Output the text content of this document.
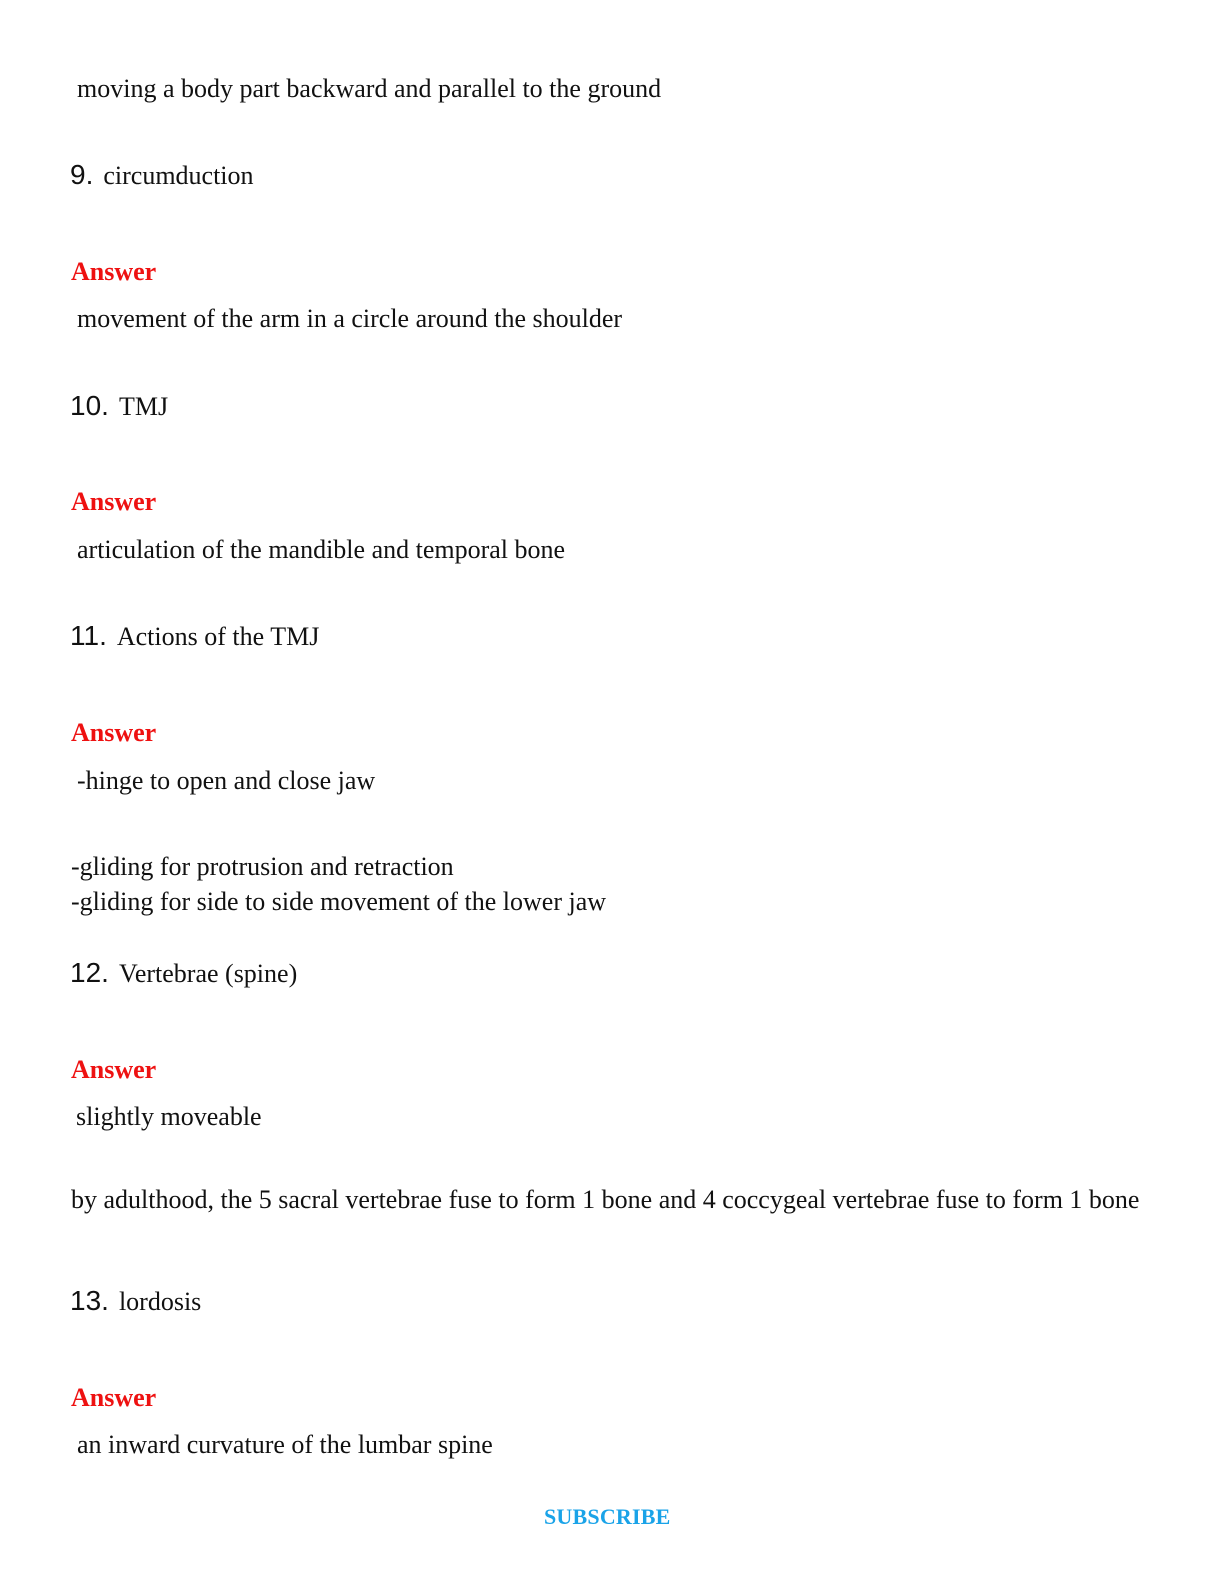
moving a body part backward and parallel to the ground
9. circumduction
Answer
movement of the arm in a circle around the shoulder
10. TMJ
Answer
articulation of the mandible and temporal bone
11. Actions of the TMJ
Answer
-hinge to open and close jaw
-gliding for protrusion and retraction
-gliding for side to side movement of the lower jaw
12. Vertebrae (spine)
Answer
slightly moveable
by adulthood, the 5 sacral vertebrae fuse to form 1 bone and 4 coccygeal vertebrae fuse to form 1 bone
13. lordosis
Answer
an inward curvature of the lumbar spine
SUBSCRIBE
